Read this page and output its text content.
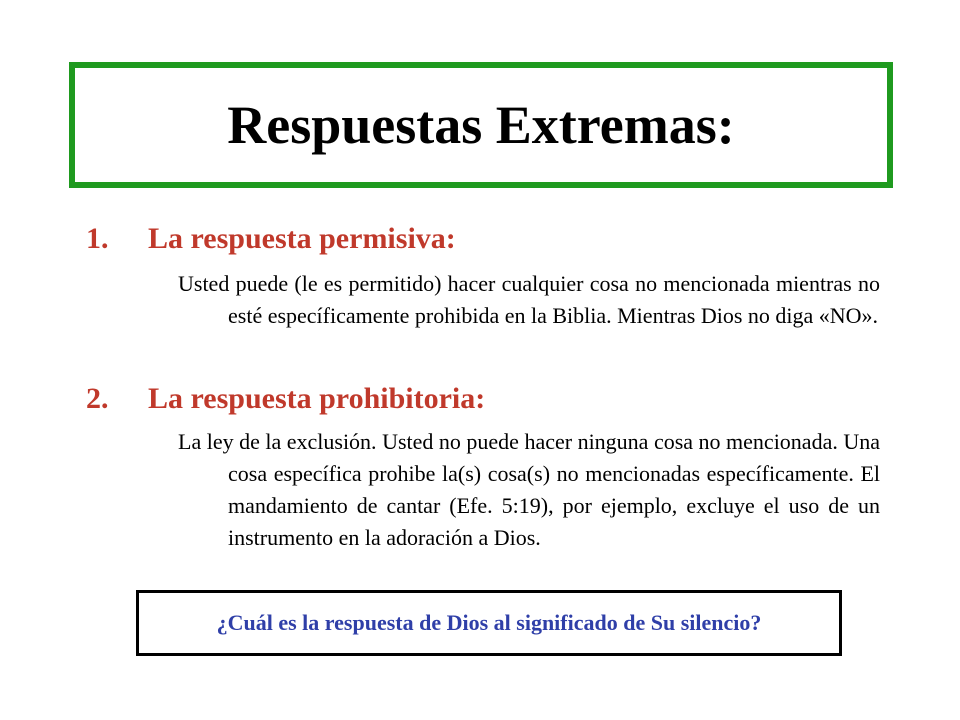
Respuestas Extremas:
1. La respuesta permisiva:
Usted puede (le es permitido) hacer cualquier cosa no mencionada mientras no esté específicamente prohibida en la Biblia. Mientras Dios no diga «NO».
2. La respuesta prohibitoria:
La ley de la exclusión. Usted no puede hacer ninguna cosa no mencionada. Una cosa específica prohibe la(s) cosa(s) no mencionadas específicamente. El mandamiento de cantar (Efe. 5:19), por ejemplo, excluye el uso de un instrumento en la adoración a Dios.
¿Cuál es la respuesta de Dios al significado de Su silencio?
